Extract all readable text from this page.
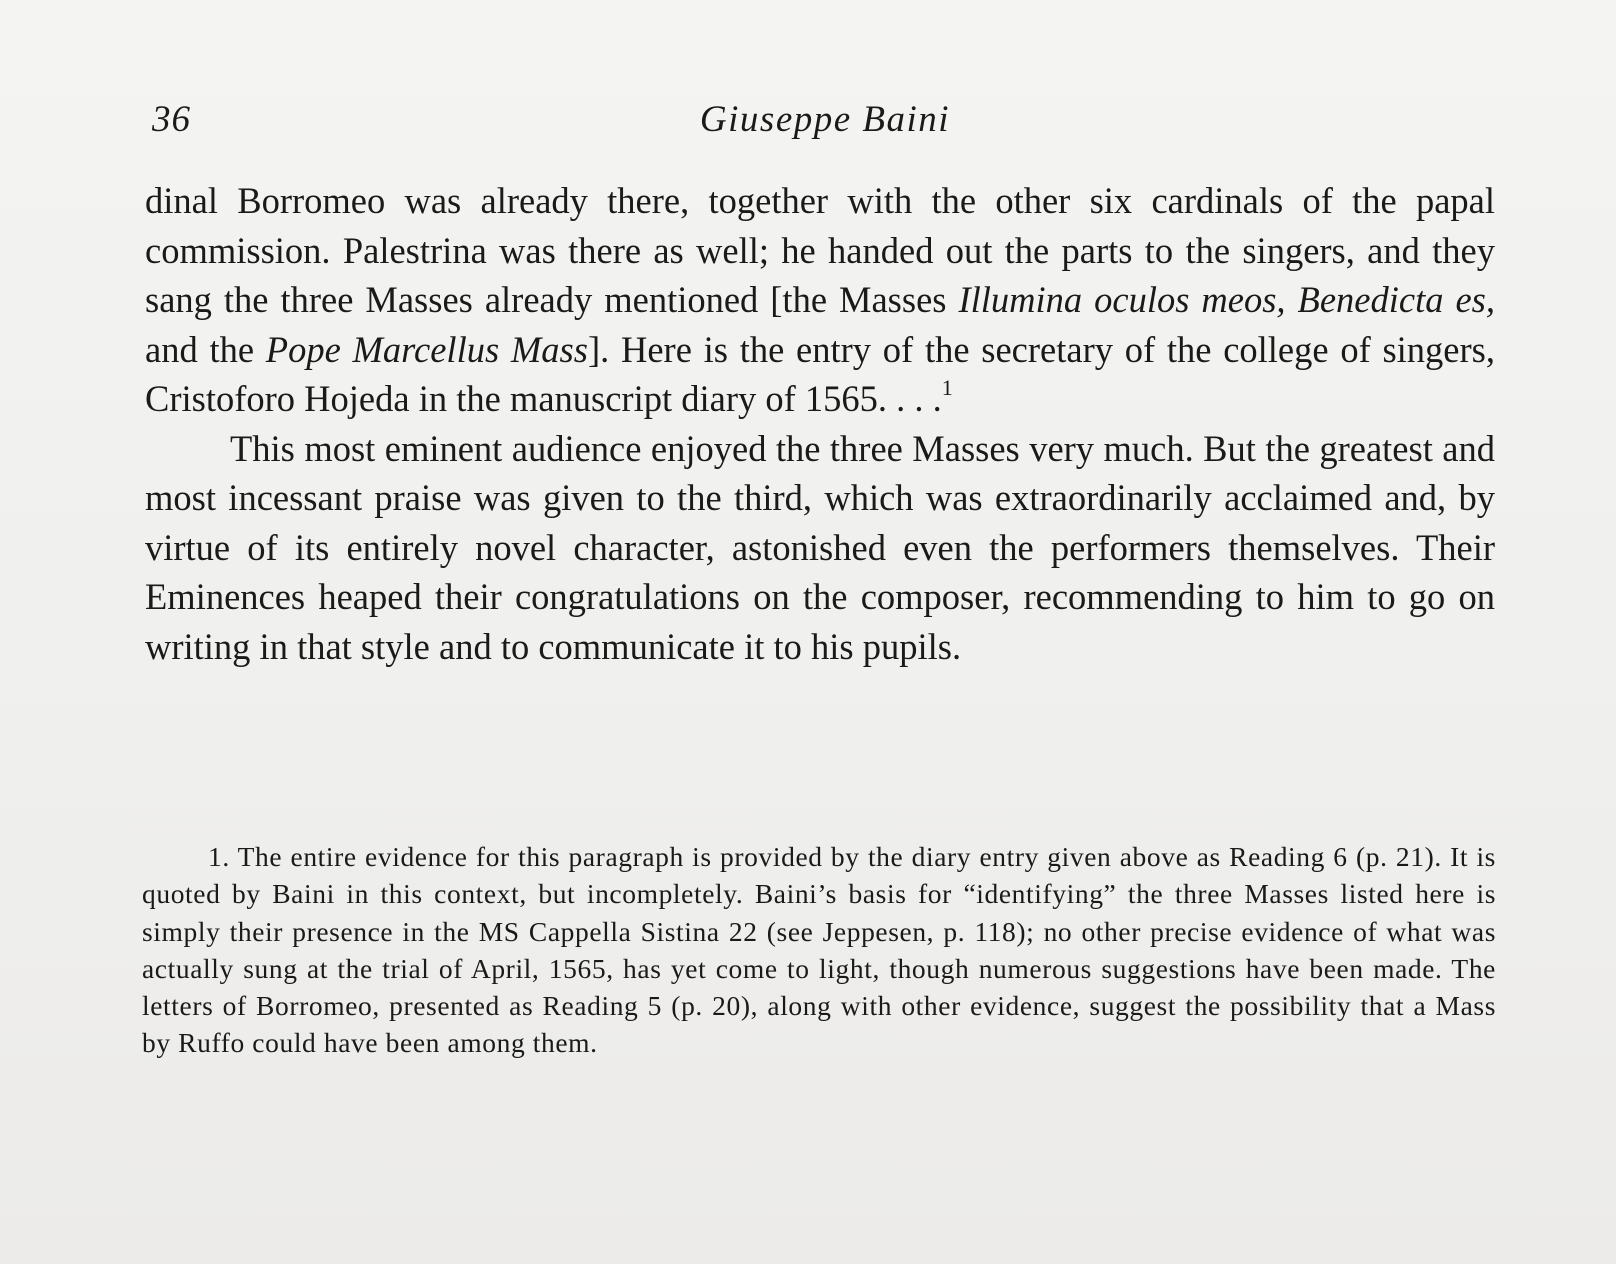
36	Giuseppe Baini

dinal Borromeo was already there, together with the other six cardinals of the papal commission. Palestrina was there as well; he handed out the parts to the singers, and they sang the three Masses already mentioned [the Masses Illumina oculos meos, Benedicta es, and the Pope Marcellus Mass]. Here is the entry of the secretary of the college of singers, Cristoforo Hojeda in the manuscript diary of 1565. . . .$^1$

This most eminent audience enjoyed the three Masses very much. But the greatest and most incessant praise was given to the third, which was extraordinarily acclaimed and, by virtue of its entirely novel character, astonished even the performers themselves. Their Eminences heaped their congratulations on the composer, recommending to him to go on writing in that style and to communicate it to his pupils.

1. The entire evidence for this paragraph is provided by the diary entry given above as Reading 6 (p. 21). It is quoted by Baini in this context, but incompletely. Baini’s basis for “identifying” the three Masses listed here is simply their presence in the MS Cappella Sistina 22 (see Jeppesen, p. 118); no other precise evidence of what was actually sung at the trial of April, 1565, has yet come to light, though numerous suggestions have been made. The letters of Borromeo, presented as Reading 5 (p. 20), along with other evidence, suggest the possibility that a Mass by Ruffo could have been among them.
